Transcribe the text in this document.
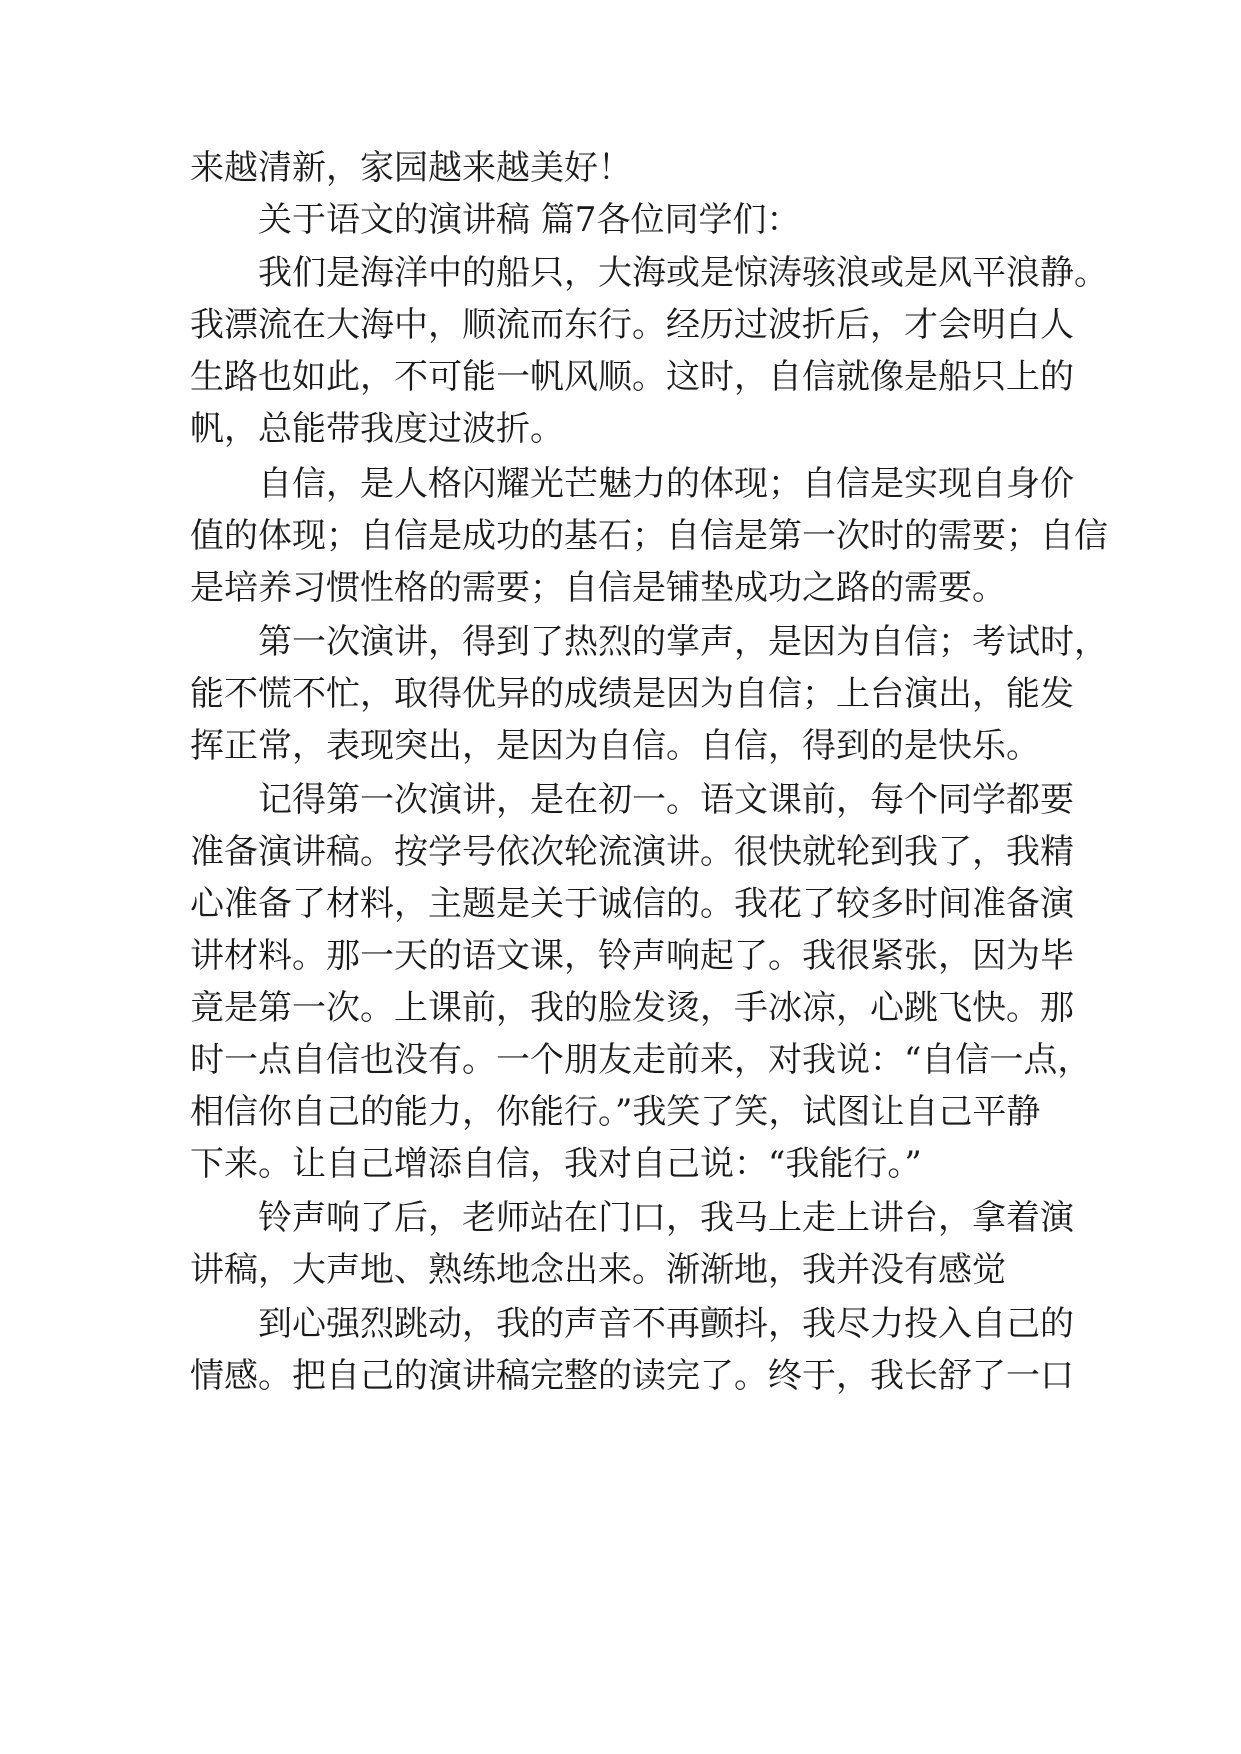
来越清新，家园越来越美好！
关于语文的演讲稿 篇7各位同学们：
我们是海洋中的船只，大海或是惊涛骇浪或是风平浪静。
我漂流在大海中，顺流而东行。经历过波折后，才会明白人
生路也如此，不可能一帆风顺。这时，自信就像是船只上的
帆，总能带我度过波折。
自信，是人格闪耀光芒魅力的体现；自信是实现自身价
值的体现；自信是成功的基石；自信是第一次时的需要；自信
是培养习惯性格的需要；自信是铺垫成功之路的需要。
第一次演讲，得到了热烈的掌声，是因为自信；考试时，
能不慌不忙，取得优异的成绩是因为自信；上台演出，能发
挥正常，表现突出，是因为自信。自信，得到的是快乐。
记得第一次演讲，是在初一。语文课前，每个同学都要
准备演讲稿。按学号依次轮流演讲。很快就轮到我了，我精
心准备了材料，主题是关于诚信的。我花了较多时间准备演
讲材料。那一天的语文课，铃声响起了。我很紧张，因为毕
竟是第一次。上课前，我的脸发烫，手冰凉，心跳飞快。那
时一点自信也没有。一个朋友走前来，对我说：“自信一点，
相信你自己的能力，你能行。”我笑了笑，试图让自己平静
下来。让自己增添自信，我对自己说：“我能行。”
铃声响了后，老师站在门口，我马上走上讲台，拿着演
讲稿，大声地、熟练地念出来。渐渐地，我并没有感觉
到心强烈跳动，我的声音不再颤抖，我尽力投入自己的
情感。把自己的演讲稿完整的读完了。终于，我长舒了一口
